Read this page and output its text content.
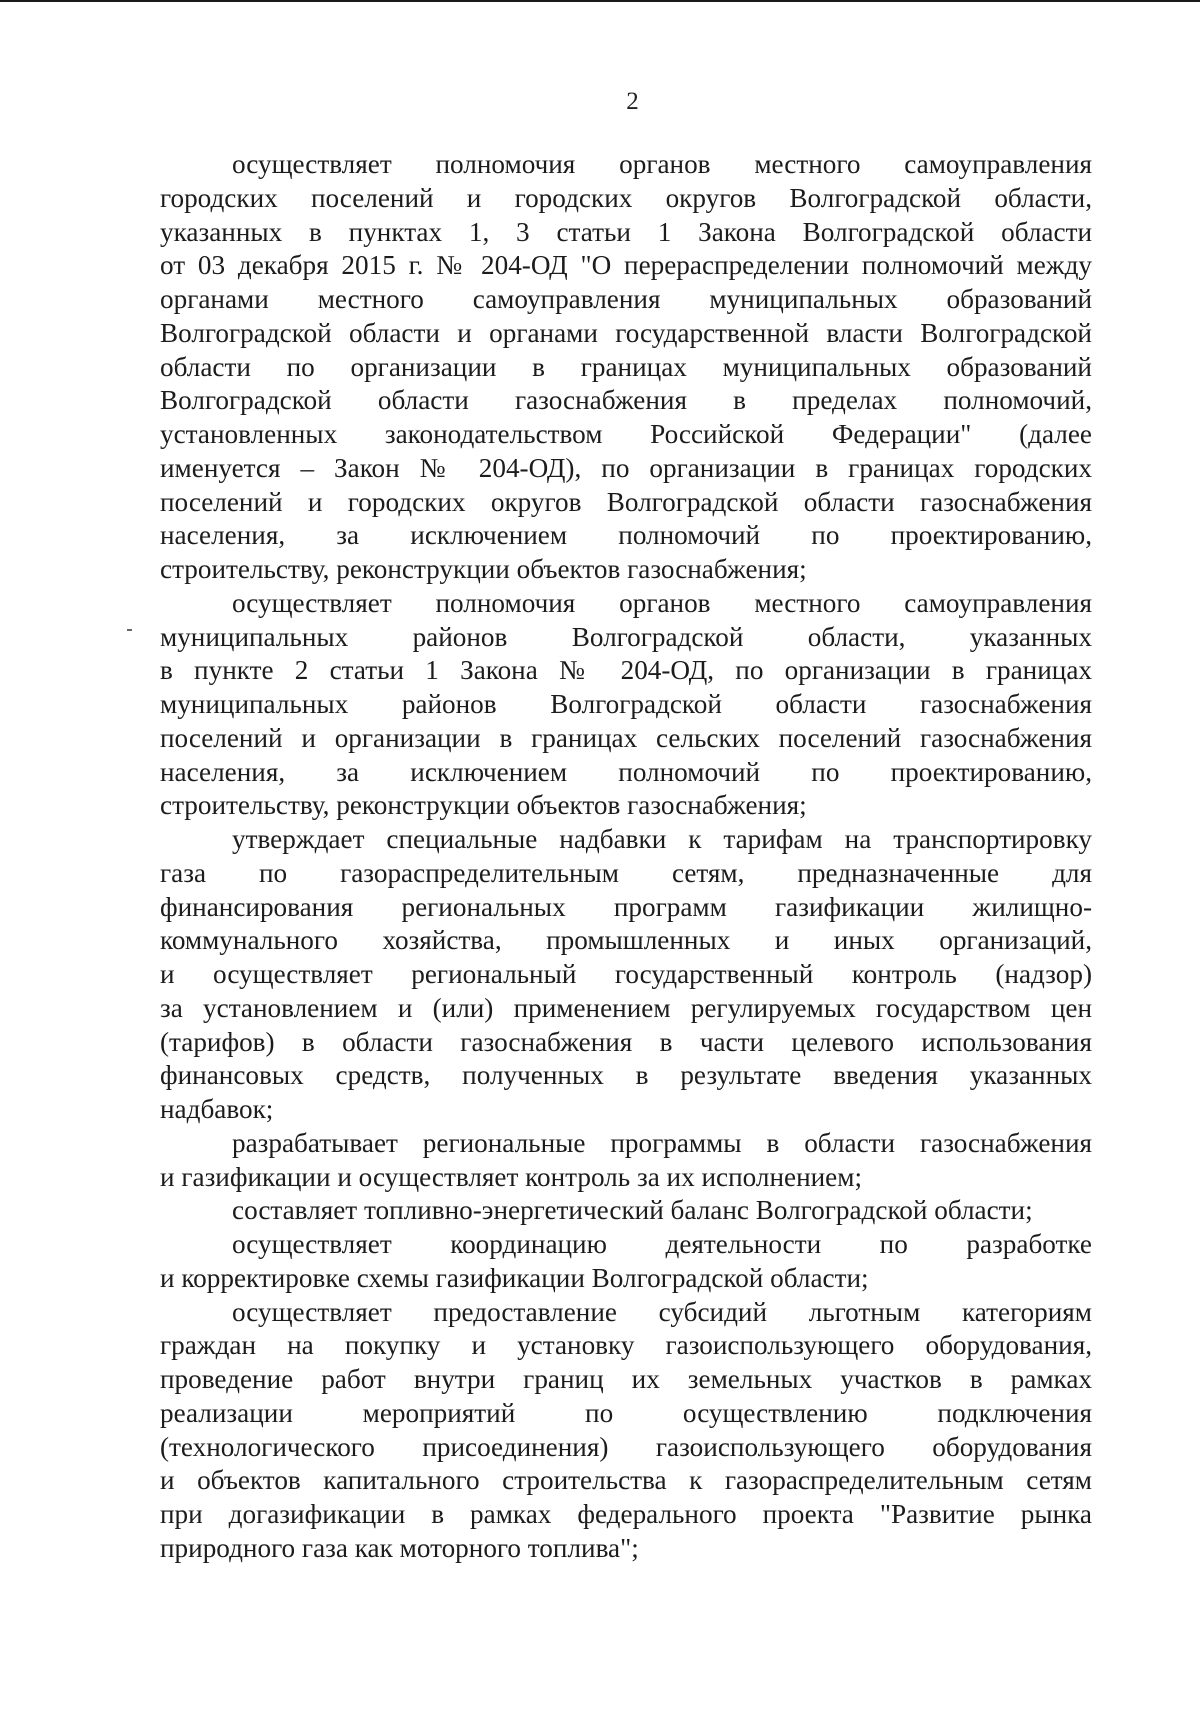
2
осуществляет полномочия органов местного самоуправления
городских поселений и городских округов Волгоградской области,
указанных в пунктах 1, 3 статьи 1 Закона Волгоградской области
от 03 декабря 2015 г. № 204-ОД "О перераспределении полномочий между
органами местного самоуправления муниципальных образований
Волгоградской области и органами государственной власти Волгоградской
области по организации в границах муниципальных образований
Волгоградской области газоснабжения в пределах полномочий,
установленных законодательством Российской Федерации" (далее
именуется – Закон № 204-ОД), по организации в границах городских
поселений и городских округов Волгоградской области газоснабжения
населения, за исключением полномочий по проектированию,
строительству, реконструкции объектов газоснабжения;
осуществляет полномочия органов местного самоуправления
муниципальных районов Волгоградской области, указанных
в пункте 2 статьи 1 Закона № 204-ОД, по организации в границах
муниципальных районов Волгоградской области газоснабжения
поселений и организации в границах сельских поселений газоснабжения
населения, за исключением полномочий по проектированию,
строительству, реконструкции объектов газоснабжения;
утверждает специальные надбавки к тарифам на транспортировку
газа по газораспределительным сетям, предназначенные для
финансирования региональных программ газификации жилищно-
коммунального хозяйства, промышленных и иных организаций,
и осуществляет региональный государственный контроль (надзор)
за установлением и (или) применением регулируемых государством цен
(тарифов) в области газоснабжения в части целевого использования
финансовых средств, полученных в результате введения указанных
надбавок;
разрабатывает региональные программы в области газоснабжения
и газификации и осуществляет контроль за их исполнением;
составляет топливно-энергетический баланс Волгоградской области;
осуществляет координацию деятельности по разработке
и корректировке схемы газификации Волгоградской области;
осуществляет предоставление субсидий льготным категориям
граждан на покупку и установку газоиспользующего оборудования,
проведение работ внутри границ их земельных участков в рамках
реализации мероприятий по осуществлению подключения
(технологического присоединения) газоиспользующего оборудования
и объектов капитального строительства к газораспределительным сетям
при догазификации в рамках федерального проекта "Развитие рынка
природного газа как моторного топлива";
